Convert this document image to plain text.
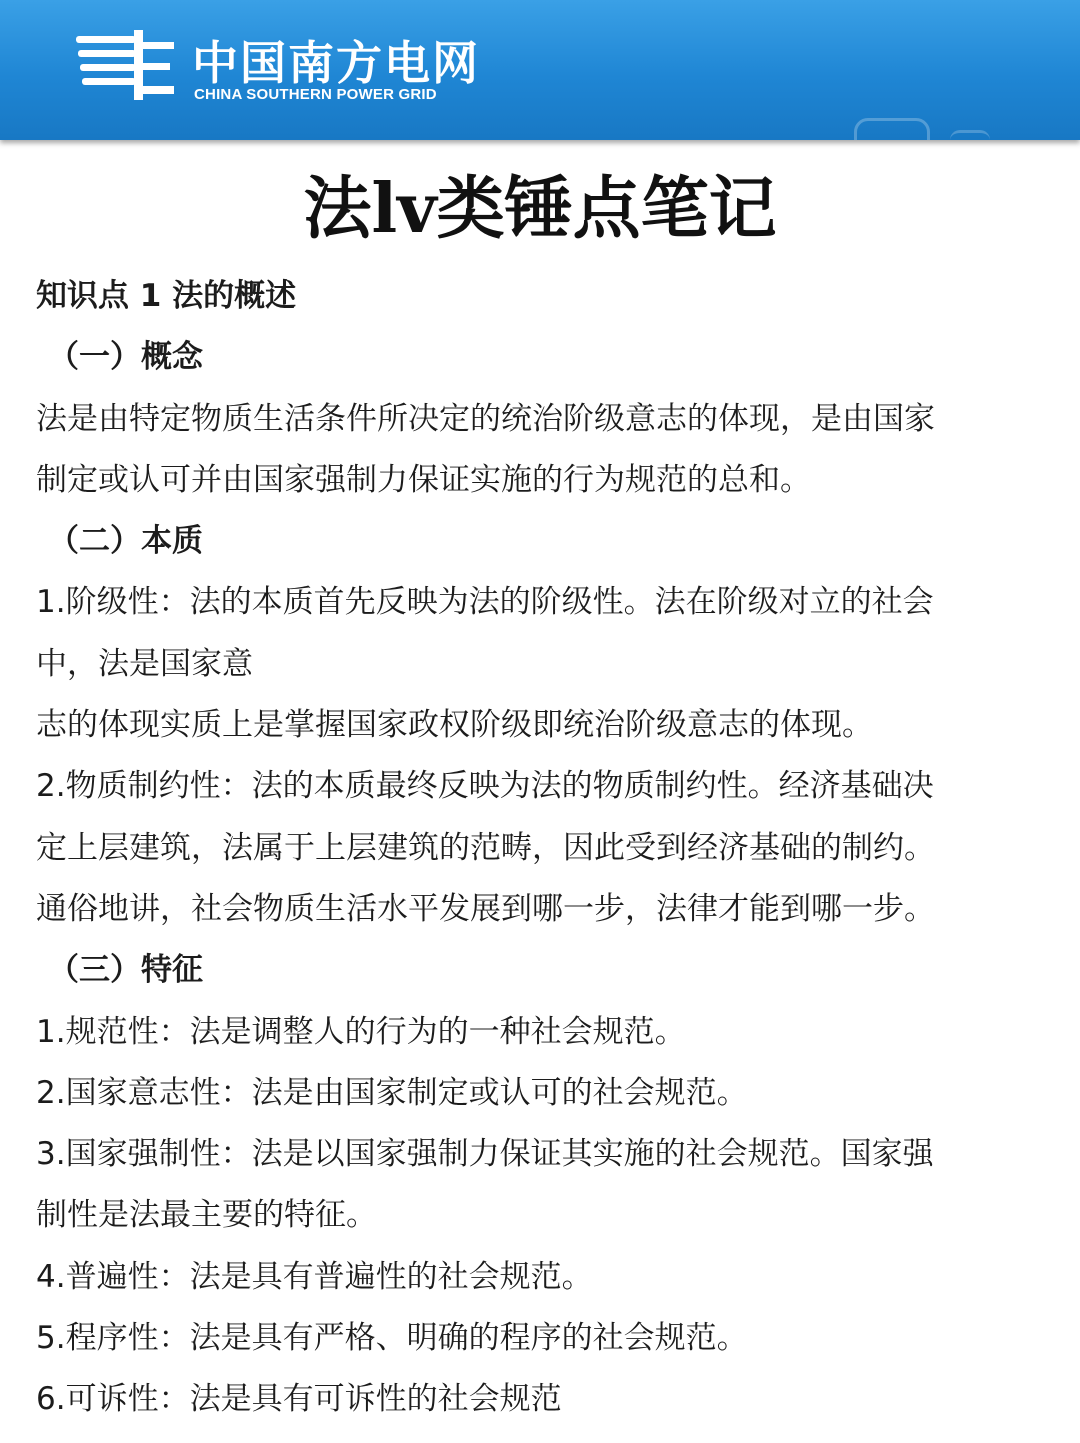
中国南方电网
CHINA SOUTHERN POWER GRID
法lv类锤点笔记
知识点 1 法的概述
（一）概念
法是由特定物质生活条件所决定的统治阶级意志的体现，是由国家
制定或认可并由国家强制力保证实施的行为规范的总和。
（二）本质
1.阶级性：法的本质首先反映为法的阶级性。法在阶级对立的社会
中，法是国家意
志的体现实质上是掌握国家政权阶级即统治阶级意志的体现。
2.物质制约性：法的本质最终反映为法的物质制约性。经济基础决
定上层建筑，法属于上层建筑的范畴，因此受到经济基础的制约。
通俗地讲，社会物质生活水平发展到哪一步，法律才能到哪一步。
（三）特征
1.规范性：法是调整人的行为的一种社会规范。
2.国家意志性：法是由国家制定或认可的社会规范。
3.国家强制性：法是以国家强制力保证其实施的社会规范。国家强
制性是法最主要的特征。
4.普遍性：法是具有普遍性的社会规范。
5.程序性：法是具有严格、明确的程序的社会规范。
6.可诉性：法是具有可诉性的社会规范
